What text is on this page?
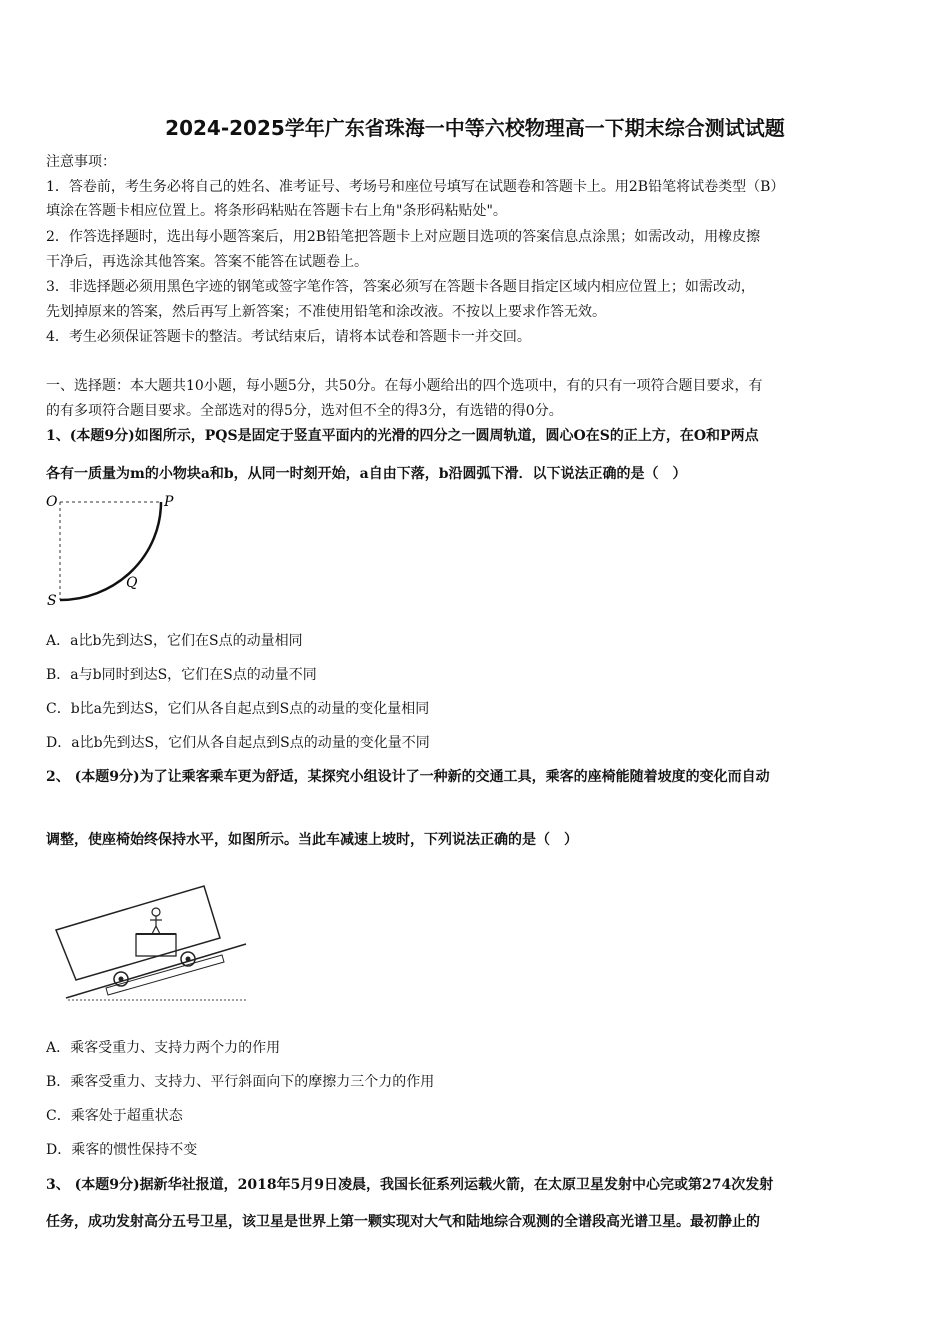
2024-2025学年广东省珠海一中等六校物理高一下期末综合测试试题
注意事项：
1．答卷前，考生务必将自己的姓名、准考证号、考场号和座位号填写在试题卷和答题卡上。用2B铅笔将试卷类型（B）
填涂在答题卡相应位置上。将条形码粘贴在答题卡右上角"条形码粘贴处"。
2．作答选择题时，选出每小题答案后，用2B铅笔把答题卡上对应题目选项的答案信息点涂黑；如需改动，用橡皮擦
干净后，再选涂其他答案。答案不能答在试题卷上。
3．非选择题必须用黑色字迹的钢笔或签字笔作答，答案必须写在答题卡各题目指定区域内相应位置上；如需改动，
先划掉原来的答案，然后再写上新答案；不准使用铅笔和涂改液。不按以上要求作答无效。
4．考生必须保证答题卡的整洁。考试结束后，请将本试卷和答题卡一并交回。
一、选择题：本大题共10小题，每小题5分，共50分。在每小题给出的四个选项中，有的只有一项符合题目要求，有
的有多项符合题目要求。全部选对的得5分，选对但不全的得3分，有选错的得0分。
1、(本题9分)如图所示，PQS是固定于竖直平面内的光滑的四分之一圆周轨道，圆心O在S的正上方，在O和P两点
各有一质量为m的小物块a和b，从同一时刻开始，a自由下落，b沿圆弧下滑．以下说法正确的是（　）
O	P
Q
S
A．a比b先到达S，它们在S点的动量相同
B．a与b同时到达S，它们在S点的动量不同
C．b比a先到达S，它们从各自起点到S点的动量的变化量相同
D．a比b先到达S，它们从各自起点到S点的动量的变化量不同
2、 (本题9分)为了让乘客乘车更为舒适，某探究小组设计了一种新的交通工具，乘客的座椅能随着坡度的变化而自动
调整，使座椅始终保持水平，如图所示。当此车减速上坡时，下列说法正确的是（　）
A．乘客受重力、支持力两个力的作用
B．乘客受重力、支持力、平行斜面向下的摩擦力三个力的作用
C．乘客处于超重状态
D．乘客的惯性保持不变
3、 (本题9分)据新华社报道，2018年5月9日凌晨，我国长征系列运载火箭，在太原卫星发射中心完或第274次发射
任务，成功发射高分五号卫星，该卫星是世界上第一颗实现对大气和陆地综合观测的全谱段高光谱卫星。最初静止的
